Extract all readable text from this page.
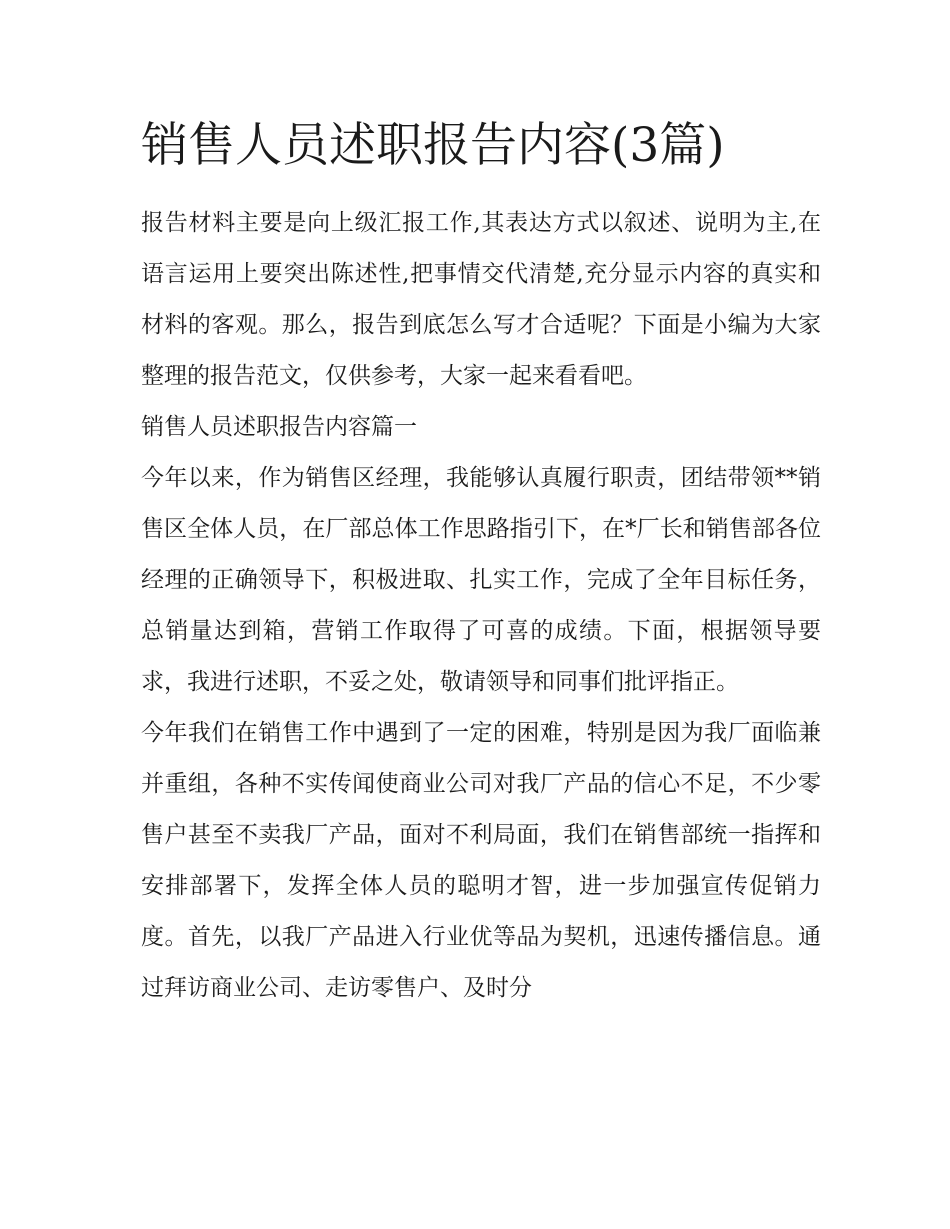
销售人员述职报告内容(3篇)

报告材料主要是向上级汇报工作,其表达方式以叙述、说明为主,在语言运用上要突出陈述性,把事情交代清楚,充分显示内容的真实和材料的客观。那么，报告到底怎么写才合适呢？下面是小编为大家整理的报告范文，仅供参考，大家一起来看看吧。

销售人员述职报告内容篇一

今年以来，作为销售区经理，我能够认真履行职责，团结带领**销售区全体人员，在厂部总体工作思路指引下，在*厂长和销售部各位经理的正确领导下，积极进取、扎实工作，完成了全年目标任务，总销量达到箱，营销工作取得了可喜的成绩。下面，根据领导要求，我进行述职，不妥之处，敬请领导和同事们批评指正。

今年我们在销售工作中遇到了一定的困难，特别是因为我厂面临兼并重组，各种不实传闻使商业公司对我厂产品的信心不足，不少零售户甚至不卖我厂产品，面对不利局面，我们在销售部统一指挥和安排部署下，发挥全体人员的聪明才智，进一步加强宣传促销力度。首先，以我厂产品进入行业优等品为契机，迅速传播信息。通过拜访商业公司、走访零售户、及时分
